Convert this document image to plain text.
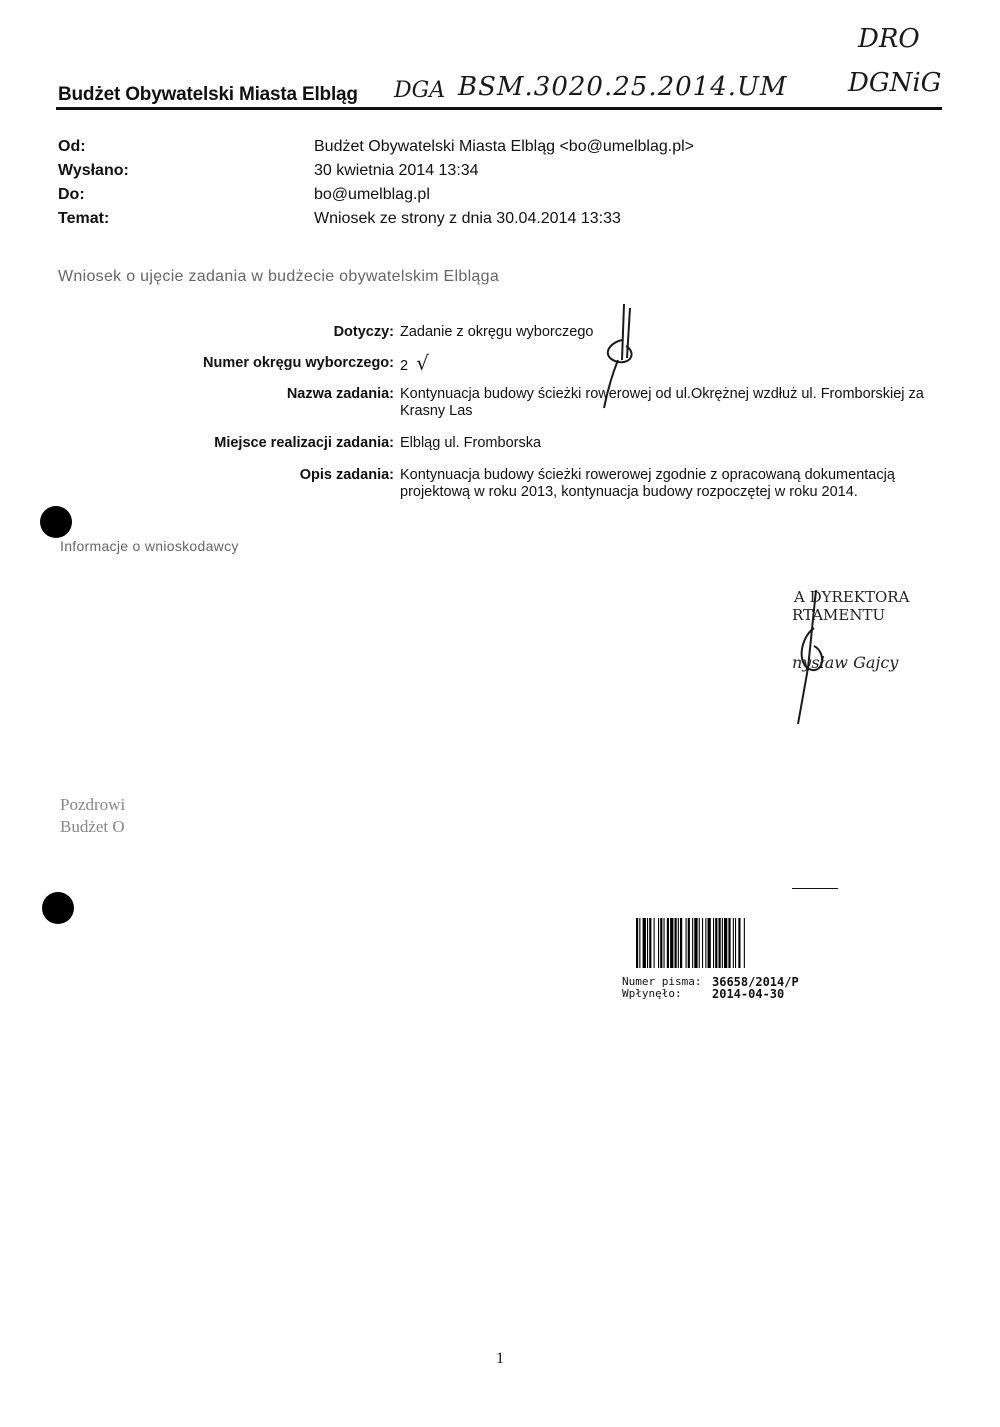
Budżet Obywatelski Miasta Elbląg DGA BSM.3020.25.2014.UM
DRO
DGNiG
Od:	Budżet Obywatelski Miasta Elbląg <bo@umelblag.pl>
Wysłano:	30 kwietnia 2014 13:34
Do:	bo@umelblag.pl
Temat:	Wniosek ze strony z dnia 30.04.2014 13:33
Wniosek o ujęcie zadania w budżecie obywatelskim Elbląga
Dotyczy: Zadanie z okręgu wyborczego
Numer okręgu wyborczego: 2 √
Nazwa zadania: Kontynuacja budowy ścieżki rowerowej od ul.Okrężnej wzdłuż ul. Fromborskiej za Krasny Las
Miejsce realizacji zadania: Elbląg ul. Fromborska
Opis zadania: Kontynuacja budowy ścieżki rowerowej zgodnie z opracowaną dokumentacją projektową w roku 2013, kontynuacja budowy rozpoczętej w roku 2014.
Informacje o wnioskodawcy
A DYREKTORA
RTAMENTU
nysław Gajcy
Pozdrowi
Budżet O
Numer pisma: 36658/2014/P
Wpłynęło:	2014-04-30
1
